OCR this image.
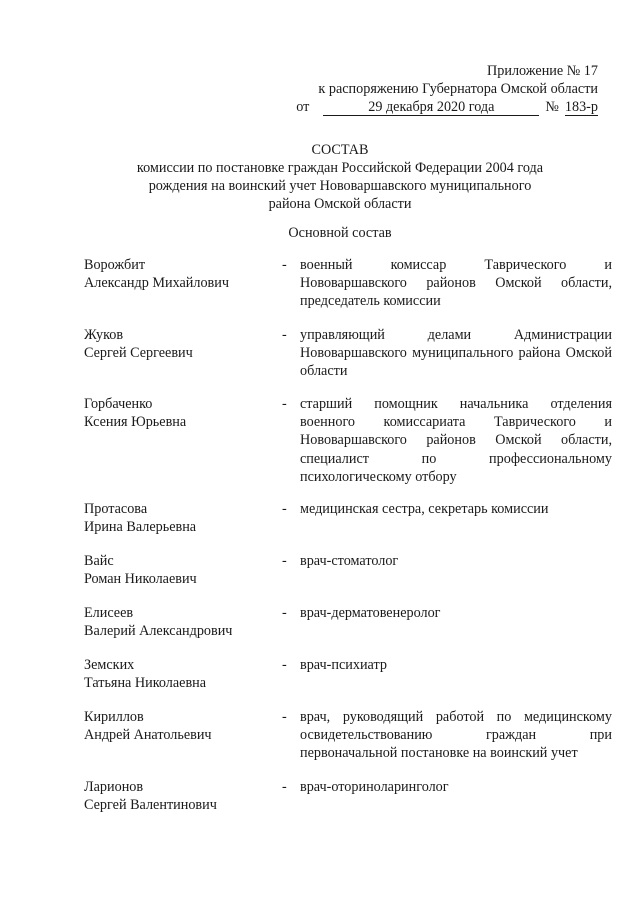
Приложение № 17
к распоряжению Губернатора Омской области
от	29 декабря 2020 года	№ 183-р
СОСТАВ
комиссии по постановке граждан Российской Федерации 2004 года
рождения на воинский учет Нововаршавского муниципального
района Омской области
Основной состав
Ворожбит
Александр Михайлович
- военный комиссар Таврического и Нововаршавского районов Омской области, председатель комиссии
Жуков
Сергей Сергеевич
- управляющий делами Администрации Нововаршавского муниципального района Омской области
Горбаченко
Ксения Юрьевна
- старший помощник начальника отделения военного комиссариата Таврического и Нововаршавского районов Омской области, специалист по профессиональному психологическому отбору
Протасова
Ирина Валерьевна
- медицинская сестра, секретарь комиссии
Вайс
Роман Николаевич
- врач-стоматолог
Елисеев
Валерий Александрович
- врач-дерматовенеролог
Земских
Татьяна Николаевна
- врач-психиатр
Кириллов
Андрей Анатольевич
- врач, руководящий работой по медицинскому освидетельствованию граждан при первоначальной постановке на воинский учет
Ларионов
Сергей Валентинович
- врач-оториноларинголог
